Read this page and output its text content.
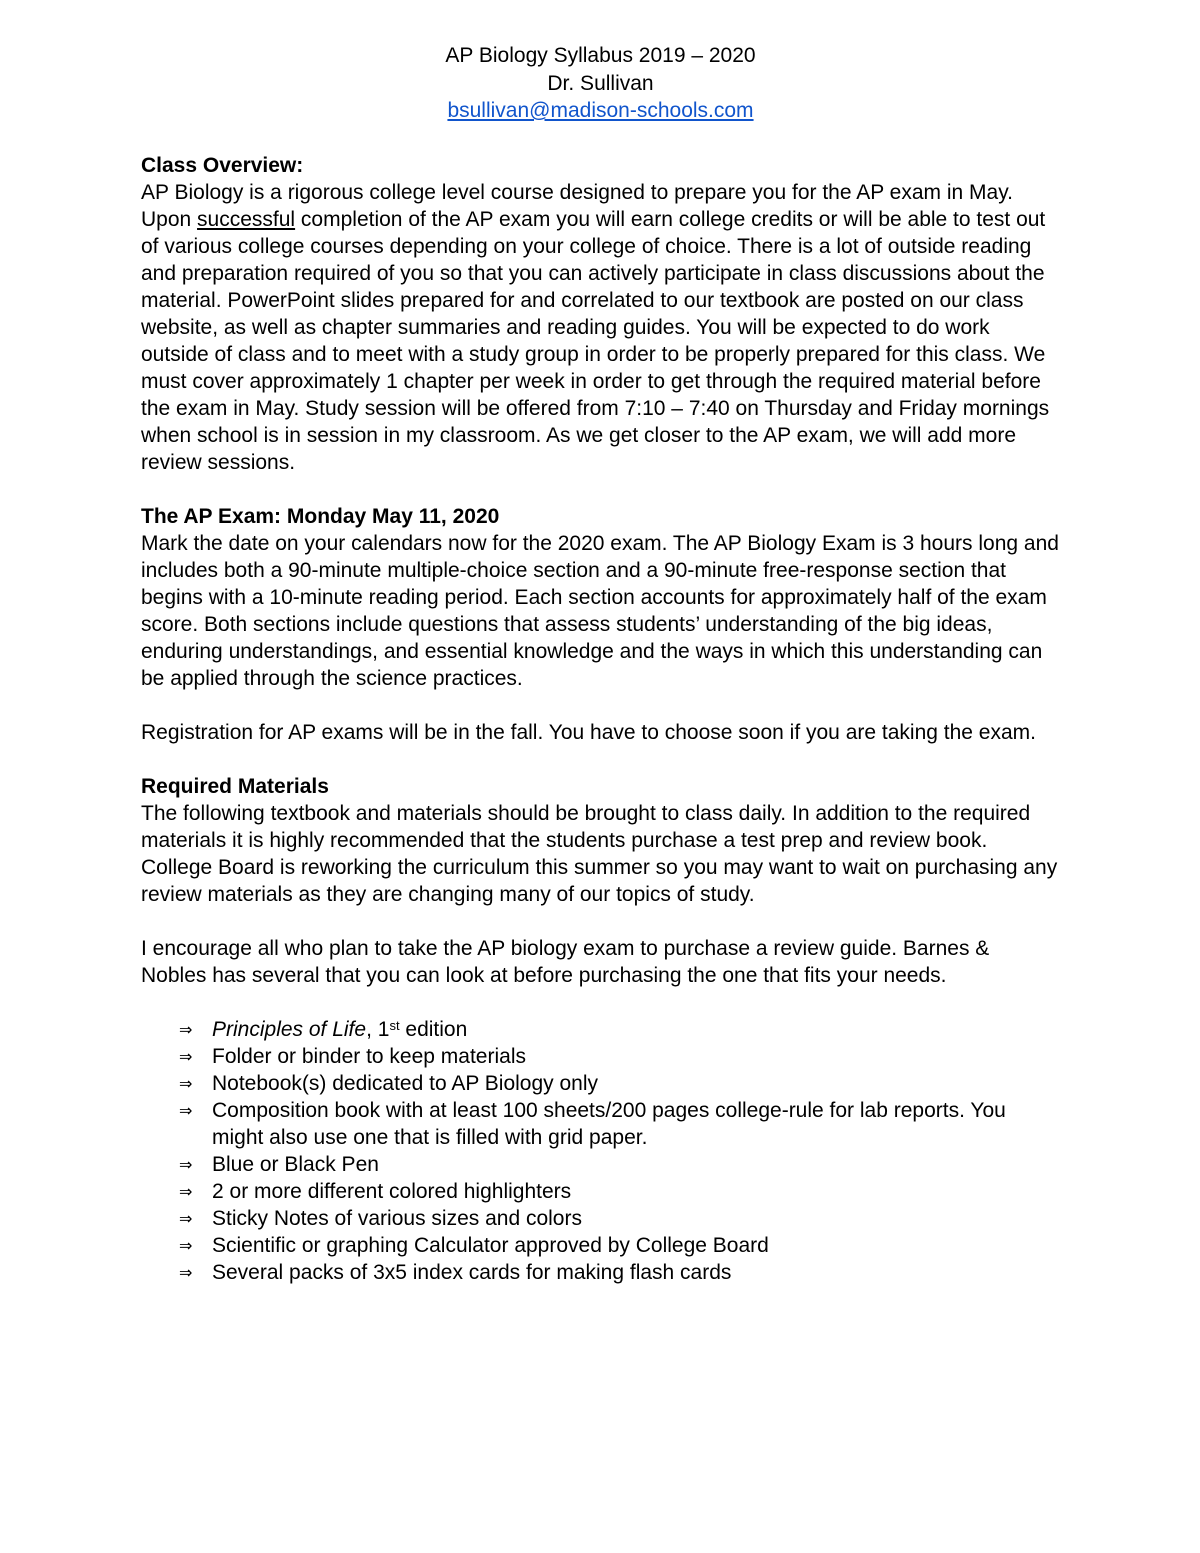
AP Biology Syllabus 2019 – 2020
Dr. Sullivan
bsullivan@madison-schools.com
Class Overview:

AP Biology is a rigorous college level course designed to prepare you for the AP exam in May. Upon successful completion of the AP exam you will earn college credits or will be able to test out of various college courses depending on your college of choice. There is a lot of outside reading and preparation required of you so that you can actively participate in class discussions about the material. PowerPoint slides prepared for and correlated to our textbook are posted on our class website, as well as chapter summaries and reading guides. You will be expected to do work outside of class and to meet with a study group in order to be properly prepared for this class. We must cover approximately 1 chapter per week in order to get through the required material before the exam in May. Study session will be offered from 7:10 – 7:40 on Thursday and Friday mornings when school is in session in my classroom. As we get closer to the AP exam, we will add more review sessions.

The AP Exam: Monday May 11, 2020

Mark the date on your calendars now for the 2020 exam. The AP Biology Exam is 3 hours long and includes both a 90-minute multiple-choice section and a 90-minute free-response section that begins with a 10-minute reading period. Each section accounts for approximately half of the exam score. Both sections include questions that assess students’ understanding of the big ideas, enduring understandings, and essential knowledge and the ways in which this understanding can be applied through the science practices.

Registration for AP exams will be in the fall. You have to choose soon if you are taking the exam.

Required Materials

The following textbook and materials should be brought to class daily. In addition to the required materials it is highly recommended that the students purchase a test prep and review book. College Board is reworking the curriculum this summer so you may want to wait on purchasing any review materials as they are changing many of our topics of study.

I encourage all who plan to take the AP biology exam to purchase a review guide. Barnes & Nobles has several that you can look at before purchasing the one that fits your needs.

⇒ Principles of Life, 1st edition
⇒ Folder or binder to keep materials
⇒ Notebook(s) dedicated to AP Biology only
⇒ Composition book with at least 100 sheets/200 pages college-rule for lab reports. You might also use one that is filled with grid paper.
⇒ Blue or Black Pen
⇒ 2 or more different colored highlighters
⇒ Sticky Notes of various sizes and colors
⇒ Scientific or graphing Calculator approved by College Board
⇒ Several packs of 3x5 index cards for making flash cards
